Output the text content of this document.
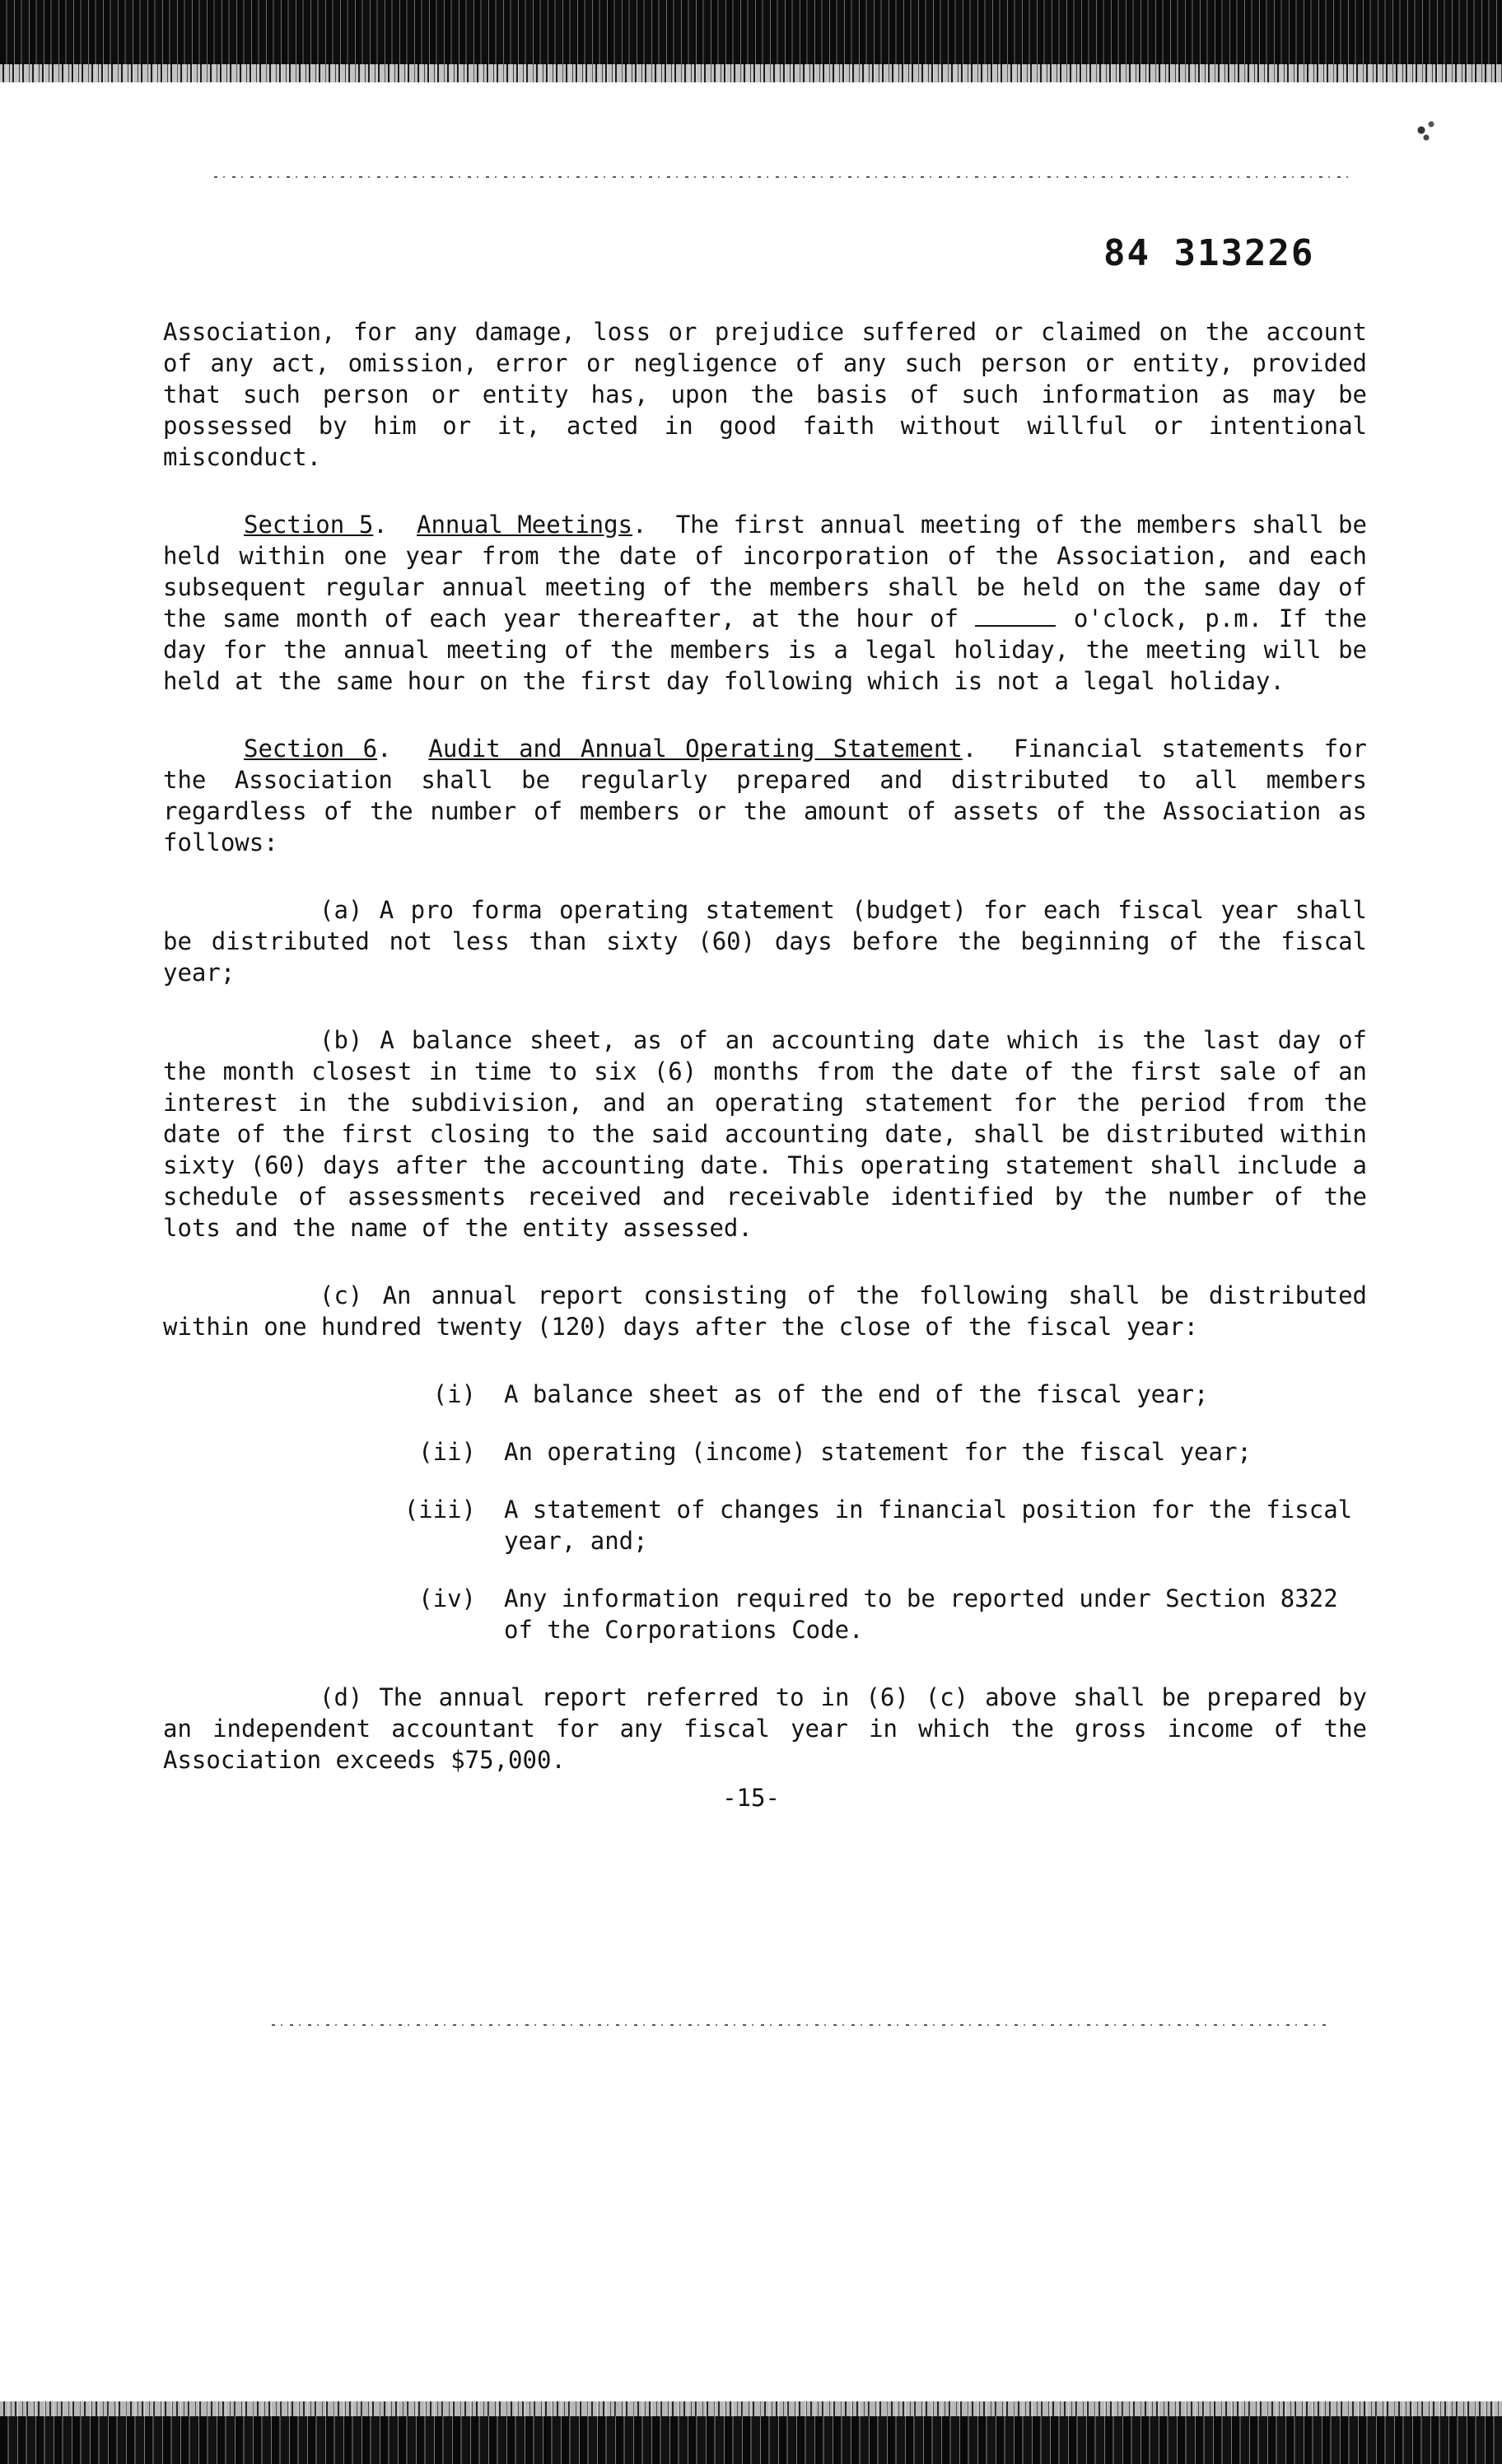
84 313226

Association, for any damage, loss or prejudice suffered or claimed on the account of any act, omission, error or negligence of any such person or entity, provided that such person or entity has, upon the basis of such information as may be possessed by him or it, acted in good faith without willful or intentional misconduct.

Section 5.  Annual Meetings.  The first annual meeting of the members shall be held within one year from the date of incorporation of the Association, and each subsequent regular annual meeting of the members shall be held on the same day of the same month of each year thereafter, at the hour of	o'clock, p.m. If the day for the annual meeting of the members is a legal holiday, the meeting will be held at the same hour on the first day following which is not a legal holiday.

Section 6.  Audit and Annual Operating Statement.  Financial statements for the Association shall be regularly prepared and distributed to all members regardless of the number of members or the amount of assets of the Association as follows:

(a) A pro forma operating statement (budget) for each fiscal year shall be distributed not less than sixty (60) days before the beginning of the fiscal year;

(b) A balance sheet, as of an accounting date which is the last day of the month closest in time to six (6) months from the date of the first sale of an interest in the subdivision, and an operating statement for the period from the date of the first closing to the said accounting date, shall be distributed within sixty (60) days after the accounting date. This operating statement shall include a schedule of assessments received and receivable identified by the number of the lots and the name of the entity assessed.

(c) An annual report consisting of the following shall be distributed within one hundred twenty (120) days after the close of the fiscal year:

(i)	A balance sheet as of the end of the fiscal year;
(ii)	An operating (income) statement for the fiscal year;
(iii)	A statement of changes in financial position for the fiscal year, and;
(iv)	Any information required to be reported under Section 8322 of the Corporations Code.

(d) The annual report referred to in (6) (c) above shall be prepared by an independent accountant for any fiscal year in which the gross income of the Association exceeds $75,000.

-15-
